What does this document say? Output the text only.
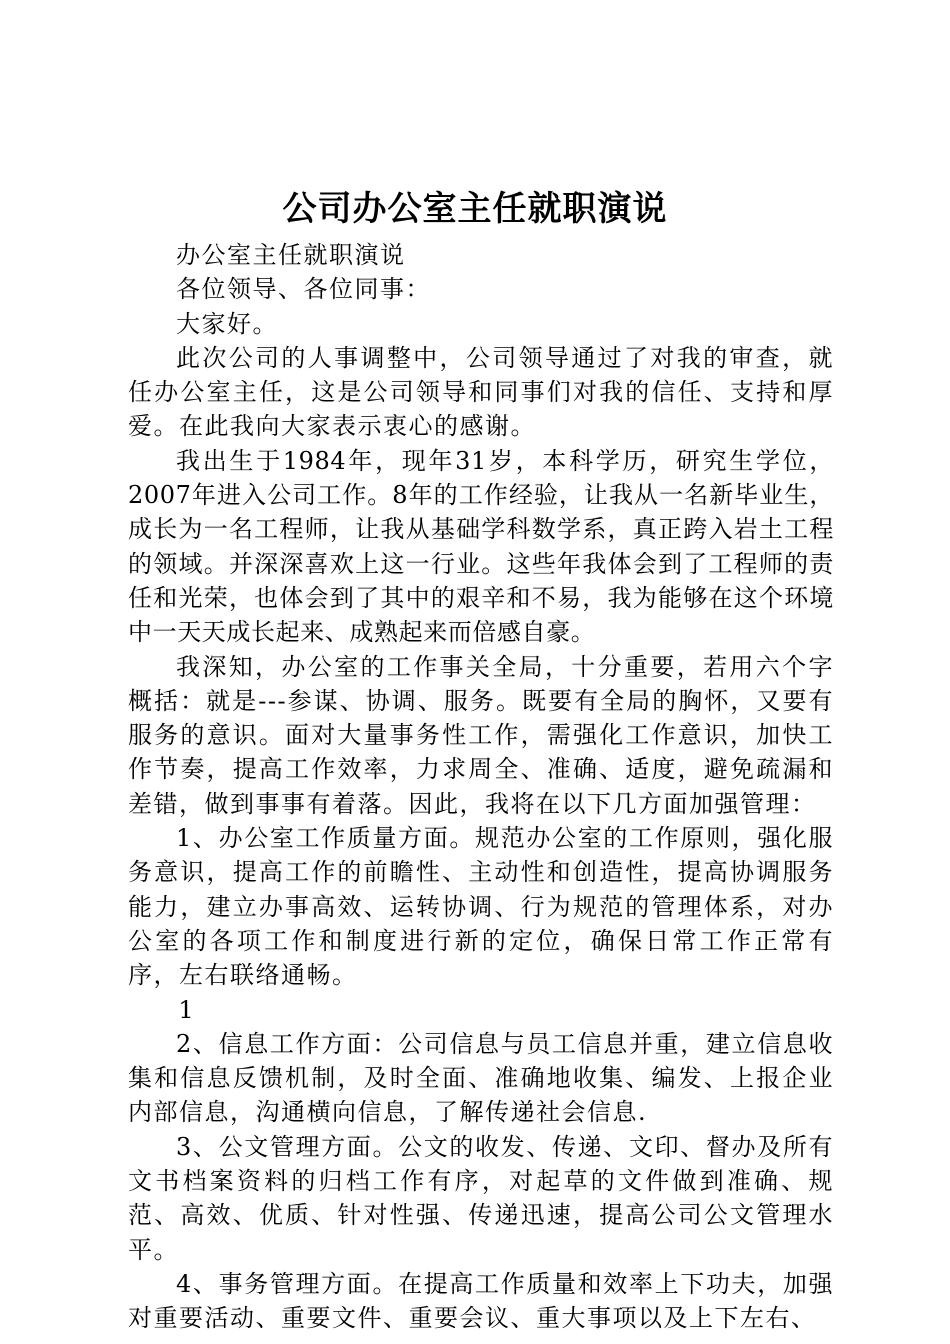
公司办公室主任就职演说

办公室主任就职演说

各位领导、各位同事：

大家好。

此次公司的人事调整中，公司领导通过了对我的审查，就任办公室主任，这是公司领导和同事们对我的信任、支持和厚爱。在此我向大家表示衷心的感谢。

我出生于1984年，现年31岁，本科学历，研究生学位，2007年进入公司工作。8年的工作经验，让我从一名新毕业生，成长为一名工程师，让我从基础学科数学系，真正跨入岩土工程的领域。并深深喜欢上这一行业。这些年我体会到了工程师的责任和光荣，也体会到了其中的艰辛和不易，我为能够在这个环境中一天天成长起来、成熟起来而倍感自豪。

我深知，办公室的工作事关全局，十分重要，若用六个字概括：就是---参谋、协调、服务。既要有全局的胸怀，又要有服务的意识。面对大量事务性工作，需强化工作意识，加快工作节奏，提高工作效率，力求周全、准确、适度，避免疏漏和差错，做到事事有着落。因此，我将在以下几方面加强管理：

1、办公室工作质量方面。规范办公室的工作原则，强化服务意识，提高工作的前瞻性、主动性和创造性，提高协调服务能力，建立办事高效、运转协调、行为规范的管理体系，对办公室的各项工作和制度进行新的定位，确保日常工作正常有序，左右联络通畅。

1

2、信息工作方面：公司信息与员工信息并重，建立信息收集和信息反馈机制，及时全面、准确地收集、编发、上报企业内部信息，沟通横向信息，了解传递社会信息.

3、公文管理方面。公文的收发、传递、文印、督办及所有文书档案资料的归档工作有序，对起草的文件做到准确、规范、高效、优质、针对性强、传递迅速，提高公司公文管理水平。

4、事务管理方面。在提高工作质量和效率上下功夫，加强对重要活动、重要文件、重要会议、重大事项以及上下左右、
